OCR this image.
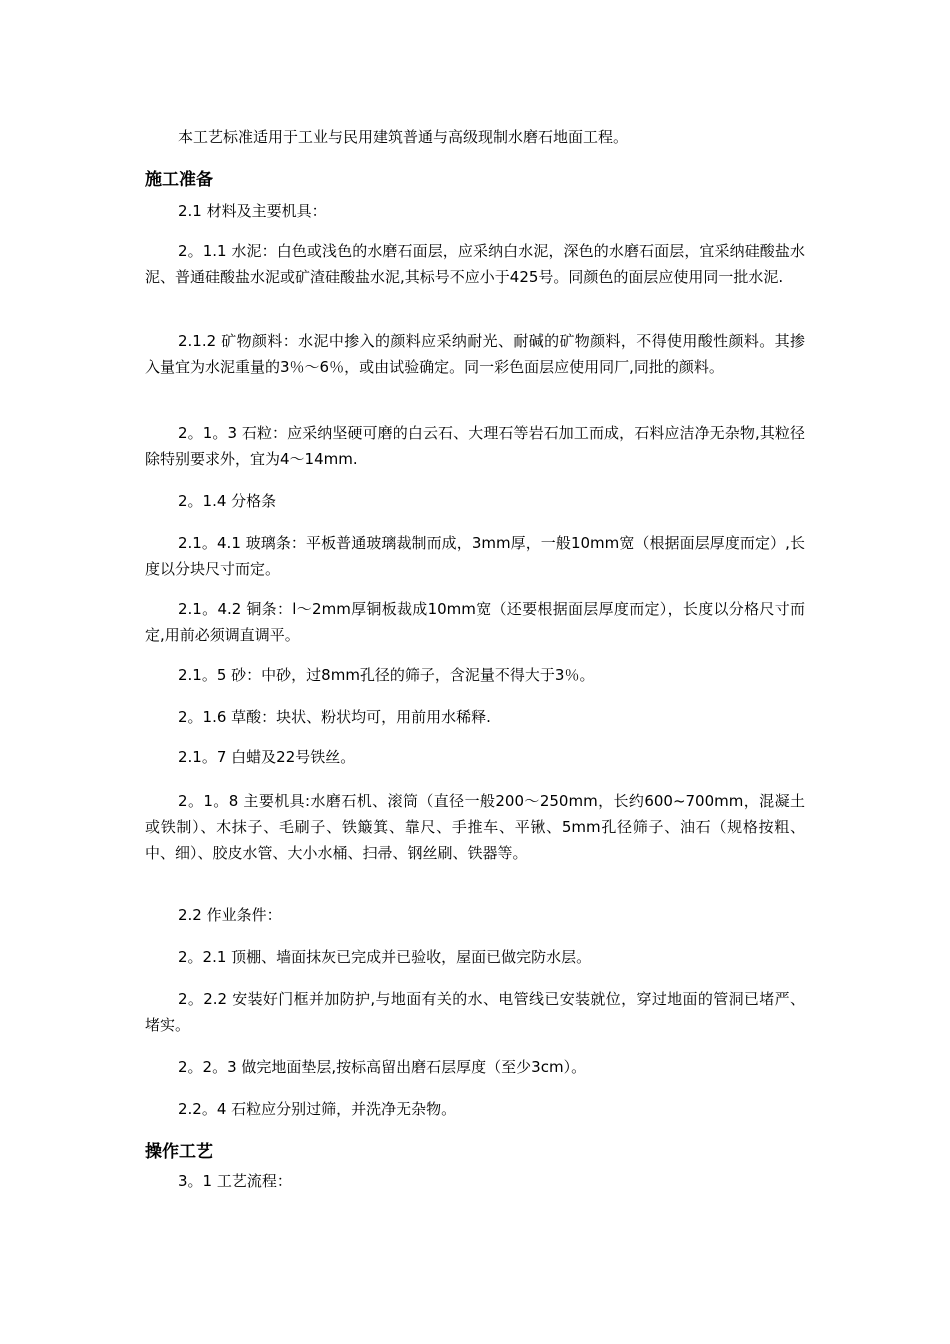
本工艺标准适用于工业与民用建筑普通与高级现制水磨石地面工程。

施工准备

2.1 材料及主要机具：

2。1.1 水泥：白色或浅色的水磨石面层，应采纳白水泥，深色的水磨石面层，宜采纳硅酸盐水泥、普通硅酸盐水泥或矿渣硅酸盐水泥,其标号不应小于425号。同颜色的面层应使用同一批水泥.

2.1.2 矿物颜料：水泥中掺入的颜料应采纳耐光、耐碱的矿物颜料，不得使用酸性颜料。其掺入量宜为水泥重量的3％～6％，或由试验确定。同一彩色面层应使用同厂,同批的颜料。

2。1。3 石粒：应采纳坚硬可磨的白云石、大理石等岩石加工而成，石料应洁净无杂物,其粒径除特别要求外，宜为4～14mm.

2。1.4 分格条

2.1。4.1 玻璃条：平板普通玻璃裁制而成，3mm厚，一般10mm宽（根据面层厚度而定）,长度以分块尺寸而定。

2.1。4.2 铜条：l～2mm厚铜板裁成10mm宽（还要根据面层厚度而定），长度以分格尺寸而定,用前必须调直调平。

2.1。5 砂：中砂，过8mm孔径的筛子，含泥量不得大于3％。

2。1.6 草酸：块状、粉状均可，用前用水稀释.

2.1。7 白蜡及22号铁丝。

2。1。8 主要机具:水磨石机、滚筒（直径一般200～250mm，长约600~700mm，混凝土或铁制）、木抹子、毛刷子、铁簸箕、靠尺、手推车、平锹、5mm孔径筛子、油石（规格按粗、中、细）、胶皮水管、大小水桶、扫帚、钢丝刷、铁器等。

2.2 作业条件：

2。2.1 顶棚、墙面抹灰已完成并已验收，屋面已做完防水层。

2。2.2 安装好门框并加防护,与地面有关的水、电管线已安装就位，穿过地面的管洞已堵严、堵实。

2。2。3 做完地面垫层,按标高留出磨石层厚度（至少3cm）。

2.2。4 石粒应分别过筛，并洗净无杂物。

操作工艺

3。1 工艺流程：
